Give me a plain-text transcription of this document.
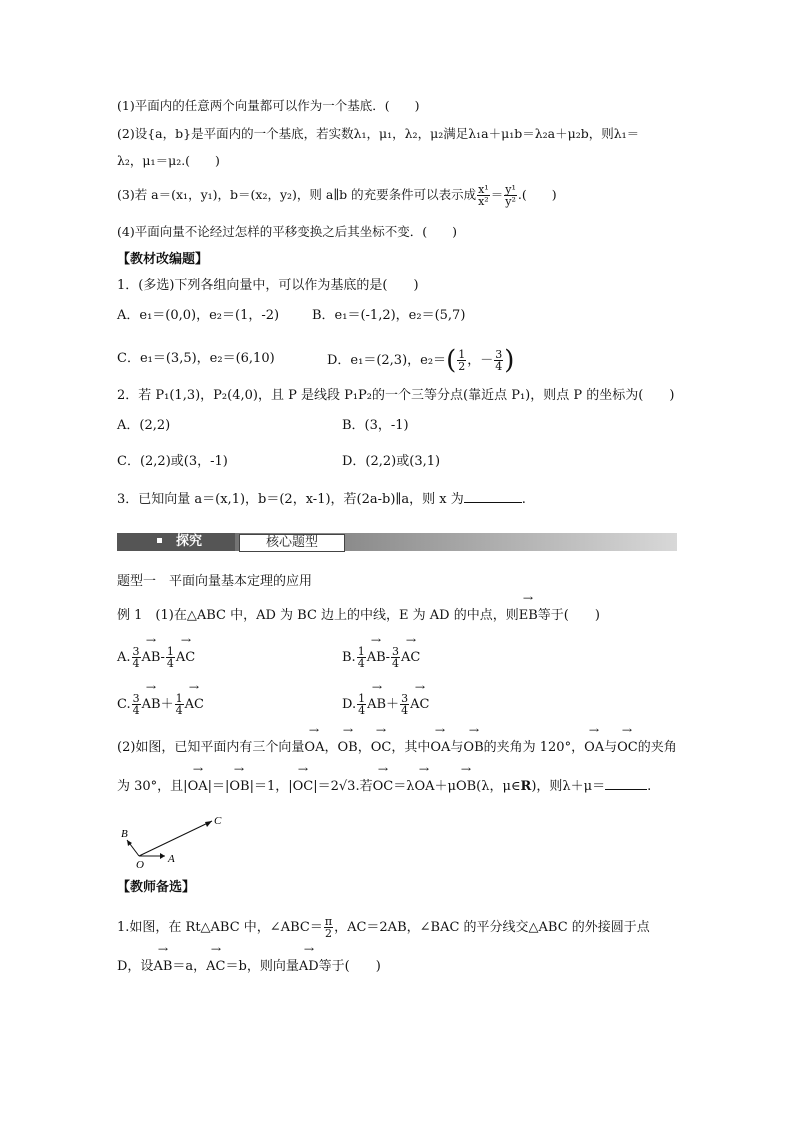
(1)平面内的任意两个向量都可以作为一个基底．(　　)
(2)设{a，b}是平面内的一个基底，若实数λ₁，μ₁，λ₂，μ₂满足λ₁a＋μ₁b＝λ₂a＋μ₂b，则λ₁＝
λ₂，μ₁＝μ₂.(　　)
(3)若 a＝(x₁，y₁)，b＝(x₂，y₂)，则 a∥b 的充要条件可以表示成 $\frac{\text{x¹}}{\text{x²}} = \frac{\text{y¹}}{\text{y²}}$ .(　　)
(4)平面向量不论经过怎样的平移变换之后其坐标不变．(　　)
【教材改编题】
1．(多选)下列各组向量中，可以作为基底的是(　　)
A．e₁＝(0,0)，e₂＝(1，-2)	B．e₁＝(-1,2)，e₂＝(5,7)
C．e₁＝(3,5)，e₂＝(6,10)	D．e₁＝(2,3)，$e_2=( \frac{1}{2}$ ，－ $\frac{3}{4}$ )
2．若 P₁(1,3)，P₂(4,0)，且 P 是线段 P₁P₂的一个三等分点(靠近点 P₁)，则点 P 的坐标为(　　)
A．(2,2)	B．(3，-1)
C．(2,2)或(3，-1)	D．(2,2)或(3,1)
3．已知向量 a＝(x,1)，b＝(2，x-1)，若(2a-b)∥a，则 x 为	.
探究	核心题型
题型一　平面向量基本定理的应用
例 1　(1)在△ABC 中，AD 为 BC 边上的中线，E 为 AD 的中点，则→ EB等于(　　)
A. $\frac{3}{4}$
→ $AB- \frac{1}{4}$
→ AC	B. $\frac{1}{4}$
→ $AB- \frac{3}{4}$
→ AC
C. $\frac{3}{4}$
→ $AB+ \frac{1}{4}$
→ AC	D. $\frac{1}{4}$
→ $AB+ \frac{3}{4}$
→ AC
(2)如图，已知平面内有三个向量→ OA，→ OB，→ OC，其中→ OA与→ OB的夹角为 120°，→ OA与→ OC的夹角
为 30°，且|→ OA|＝|→ OB|＝1，|→ OC|＝2√3.若→ OC＝λ→ OA＋μ→ OB(λ，μ∈R)，则λ＋μ＝	.
B
C
O A
【教师备选】
1.如图，在 Rt△ABC 中，∠ABC＝ $\frac{\pi}{2}$ ，AC＝2AB，∠BAC 的平分线交△ABC 的外接圆于点
D，设→ AB＝a，→ AC＝b，则向量→ AD等于(　　)
